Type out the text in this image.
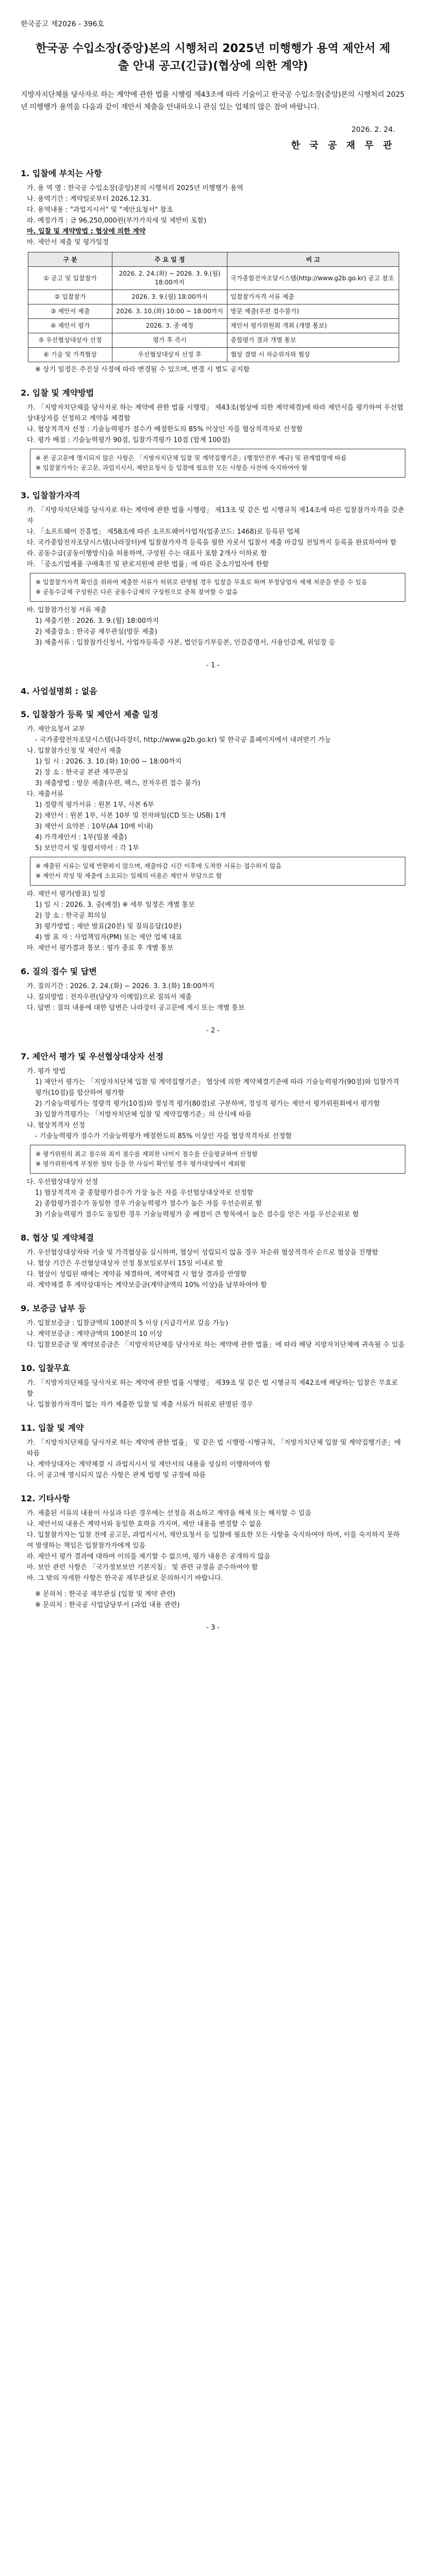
한국공고 제2026 - 396호
한국공 수입소장(중앙)본의 시행처리 2025년 미행행가 용역 제안서 제출 안내 공고(긴급)(협상에 의한 계약)
지방자치단체를 당사자로 하는 계약에 관한 법률 시행령 제43조에 따라 기술이고 한국공 수입소장(중앙)본의 시행처리 2025년 미행행가 용역을 다음과 같이 제안서 제출을 안내하오니 관심 있는 업체의 많은 참여 바랍니다.
2026. 2. 24.
한 국 공 재 무 관
1. 입찰에 부치는 사항

가. 용 역 명 : 한국공 수입소장(중앙)본의 시행처리 2025년 미행행가 용역

나. 용역기간 : 계약일로부터 2026.12.31.

다. 용역내용 : "과업지시서" 및 "제안요청서" 참조

라. 예정가격 : 금 96,250,000원(부가가치세 및 제반비 포함)

마. 입찰 및 계약방법 : 협상에 의한 계약

바. 제안서 제출 및 평가일정

구 분	주 요 일 정	비 고
① 공고 및 입찰참가	2026. 2. 24.(화) ~ 2026. 3. 9.(월) 18:00까지	국가종합전자조달시스템(http://www.g2b.go.kr) 공고 참조
② 입찰참가	2026. 3. 9.(월) 18:00까지	입찰참가자격 서류 제출
③ 제안서 제출	2026. 3. 10.(화) 10:00 ~ 18:00까지	방문 제출(우편 접수불가)
④ 제안서 평가	2026. 3. 중 예정	제안서 평가위원회 개최 (개별 통보)
⑤ 우선협상대상자 선정	평가 후 즉시	종합평가 결과 개별 통보
⑥ 기술 및 가격협상	우선협상대상자 선정 후	협상 결렬 시 차순위자와 협상

※ 상기 일정은 추진상 사정에 따라 변경될 수 있으며, 변경 시 별도 공지함

2. 입찰 및 계약방법

가. 「지방자치단체를 당사자로 하는 계약에 관한 법률 시행령」 제43조(협상에 의한 계약체결)에 따라 제안서를 평가하여 우선협상대상자를 선정하고 계약을 체결함

나. 협상적격자 선정 : 기술능력평가 점수가 배점한도의 85% 이상인 자를 협상적격자로 선정함

다. 평가 배점 : 기술능력평가 90점, 입찰가격평가 10점 (합계 100점)

※ 본 공고문에 명시되지 않은 사항은 「지방자치단체 입찰 및 계약집행기준」(행정안전부 예규) 및 관계법령에 따름

※ 입찰참가자는 공고문, 과업지시서, 제안요청서 등 입찰에 필요한 모든 사항을 사전에 숙지하여야 함

3. 입찰참가자격

가. 「지방자치단체를 당사자로 하는 계약에 관한 법률 시행령」 제13조 및 같은 법 시행규칙 제14조에 따른 입찰참가자격을 갖춘 자

나. 「소프트웨어 진흥법」 제58조에 따른 소프트웨어사업자(업종코드: 1468)로 등록된 업체

다. 국가종합전자조달시스템(나라장터)에 입찰참가자격 등록을 필한 자로서 입찰서 제출 마감일 전일까지 등록을 완료하여야 함

라. 공동수급(공동이행방식)을 허용하며, 구성원 수는 대표사 포함 2개사 이하로 함

마. 「중소기업제품 구매촉진 및 판로지원에 관한 법률」에 따른 중소기업자에 한함

※ 입찰참가자격 확인을 위하여 제출한 서류가 허위로 판명될 경우 입찰을 무효로 하며 부정당업자 제재 처분을 받을 수 있음

※ 공동수급체 구성원은 다른 공동수급체의 구성원으로 중복 참여할 수 없음

바. 입찰참가신청 서류 제출

1) 제출기한 : 2026. 3. 9.(월) 18:00까지

2) 제출장소 : 한국공 재무관실(방문 제출)

3) 제출서류 : 입찰참가신청서, 사업자등록증 사본, 법인등기부등본, 인감증명서, 사용인감계, 위임장 등

- 1 -
4. 사업설명회 : 없음
5. 입찰참가 등록 및 제안서 제출 일정

가. 제안요청서 교부

- 국가종합전자조달시스템(나라장터, http://www.g2b.go.kr) 및 한국공 홈페이지에서 내려받기 가능

나. 입찰참가신청 및 제안서 제출

1) 일 시 : 2026. 3. 10.(화) 10:00 ~ 18:00까지

2) 장 소 : 한국공 본관 재무관실

3) 제출방법 : 방문 제출(우편, 팩스, 전자우편 접수 불가)

다. 제출서류

1) 정량적 평가서류 : 원본 1부, 사본 6부

2) 제안서 : 원본 1부, 사본 10부 및 전자파일(CD 또는 USB) 1개

3) 제안서 요약본 : 10부(A4 10매 이내)

4) 가격제안서 : 1부(밀봉 제출)

5) 보안각서 및 청렴서약서 : 각 1부

※ 제출된 서류는 일체 반환하지 않으며, 제출마감 시간 이후에 도착한 서류는 접수하지 않음

※ 제안서 작성 및 제출에 소요되는 일체의 비용은 제안자 부담으로 함

라. 제안서 평가(발표) 일정

1) 일 시 : 2026. 3. 중(예정) ※ 세부 일정은 개별 통보

2) 장 소 : 한국공 회의실

3) 평가방법 : 제안 발표(20분) 및 질의응답(10분)

4) 발 표 자 : 사업책임자(PM) 또는 제안 업체 대표

마. 제안서 평가결과 통보 : 평가 종료 후 개별 통보

6. 질의 접수 및 답변

가. 질의기간 : 2026. 2. 24.(화) ~ 2026. 3. 3.(화) 18:00까지

나. 질의방법 : 전자우편(담당자 이메일)으로 질의서 제출

다. 답변 : 질의 내용에 대한 답변은 나라장터 공고문에 게시 또는 개별 통보

- 2 -
7. 제안서 평가 및 우선협상대상자 선정

가. 평가 방법

1) 제안서 평가는 「지방자치단체 입찰 및 계약집행기준」 협상에 의한 계약체결기준에 따라 기술능력평가(90점)와 입찰가격평가(10점)를 합산하여 평가함

2) 기술능력평가는 정량적 평가(10점)와 정성적 평가(80점)로 구분하며, 정성적 평가는 제안서 평가위원회에서 평가함

3) 입찰가격평가는 「지방자치단체 입찰 및 계약집행기준」의 산식에 따름

나. 협상적격자 선정

- 기술능력평가 점수가 기술능력평가 배점한도의 85% 이상인 자를 협상적격자로 선정함

※ 평가위원의 최고 점수와 최저 점수를 제외한 나머지 점수를 산술평균하여 산정함

※ 평가위원에게 부정한 청탁 등을 한 사실이 확인될 경우 평가대상에서 제외함

다. 우선협상대상자 선정

1) 협상적격자 중 종합평가점수가 가장 높은 자를 우선협상대상자로 선정함

2) 종합평가점수가 동일한 경우 기술능력평가 점수가 높은 자를 우선순위로 함

3) 기술능력평가 점수도 동일한 경우 기술능력평가 중 배점이 큰 항목에서 높은 점수를 얻은 자를 우선순위로 함

8. 협상 및 계약체결

가. 우선협상대상자와 기술 및 가격협상을 실시하며, 협상이 성립되지 않을 경우 차순위 협상적격자 순으로 협상을 진행함

나. 협상 기간은 우선협상대상자 선정 통보일로부터 15일 이내로 함

다. 협상이 성립된 때에는 계약을 체결하며, 계약체결 시 협상 결과를 반영함

라. 계약체결 후 계약상대자는 계약보증금(계약금액의 10% 이상)을 납부하여야 함

9. 보증금 납부 등

가. 입찰보증금 : 입찰금액의 100분의 5 이상 (지급각서로 갈음 가능)

나. 계약보증금 : 계약금액의 100분의 10 이상

다. 입찰보증금 및 계약보증금은 「지방자치단체를 당사자로 하는 계약에 관한 법률」에 따라 해당 지방자치단체에 귀속될 수 있음

10. 입찰무효

가. 「지방자치단체를 당사자로 하는 계약에 관한 법률 시행령」 제39조 및 같은 법 시행규칙 제42조에 해당하는 입찰은 무효로 함

나. 입찰참가자격이 없는 자가 제출한 입찰 및 제출 서류가 허위로 판명된 경우

11. 입찰 및 계약

가. 「지방자치단체를 당사자로 하는 계약에 관한 법률」 및 같은 법 시행령·시행규칙, 「지방자치단체 입찰 및 계약집행기준」에 따름

나. 계약상대자는 계약체결 시 과업지시서 및 제안서의 내용을 성실히 이행하여야 함

다. 이 공고에 명시되지 않은 사항은 관계 법령 및 규정에 따름

12. 기타사항

가. 제출된 서류의 내용이 사실과 다른 경우에는 선정을 취소하고 계약을 해제 또는 해지할 수 있음

나. 제안서의 내용은 계약서와 동일한 효력을 가지며, 제안 내용을 변경할 수 없음

다. 입찰참가자는 입찰 전에 공고문, 과업지시서, 제안요청서 등 입찰에 필요한 모든 사항을 숙지하여야 하며, 이를 숙지하지 못하여 발생하는 책임은 입찰참가자에게 있음

라. 제안서 평가 결과에 대하여 이의를 제기할 수 없으며, 평가 내용은 공개하지 않음

마. 보안 관련 사항은 「국가정보보안 기본지침」 및 관련 규정을 준수하여야 함

바. 그 밖의 자세한 사항은 한국공 재무관실로 문의하시기 바랍니다.

※ 문의처 : 한국공 재무관실 (입찰 및 계약 관련)

※ 문의처 : 한국공 사업담당부서 (과업 내용 관련)

- 3 -
